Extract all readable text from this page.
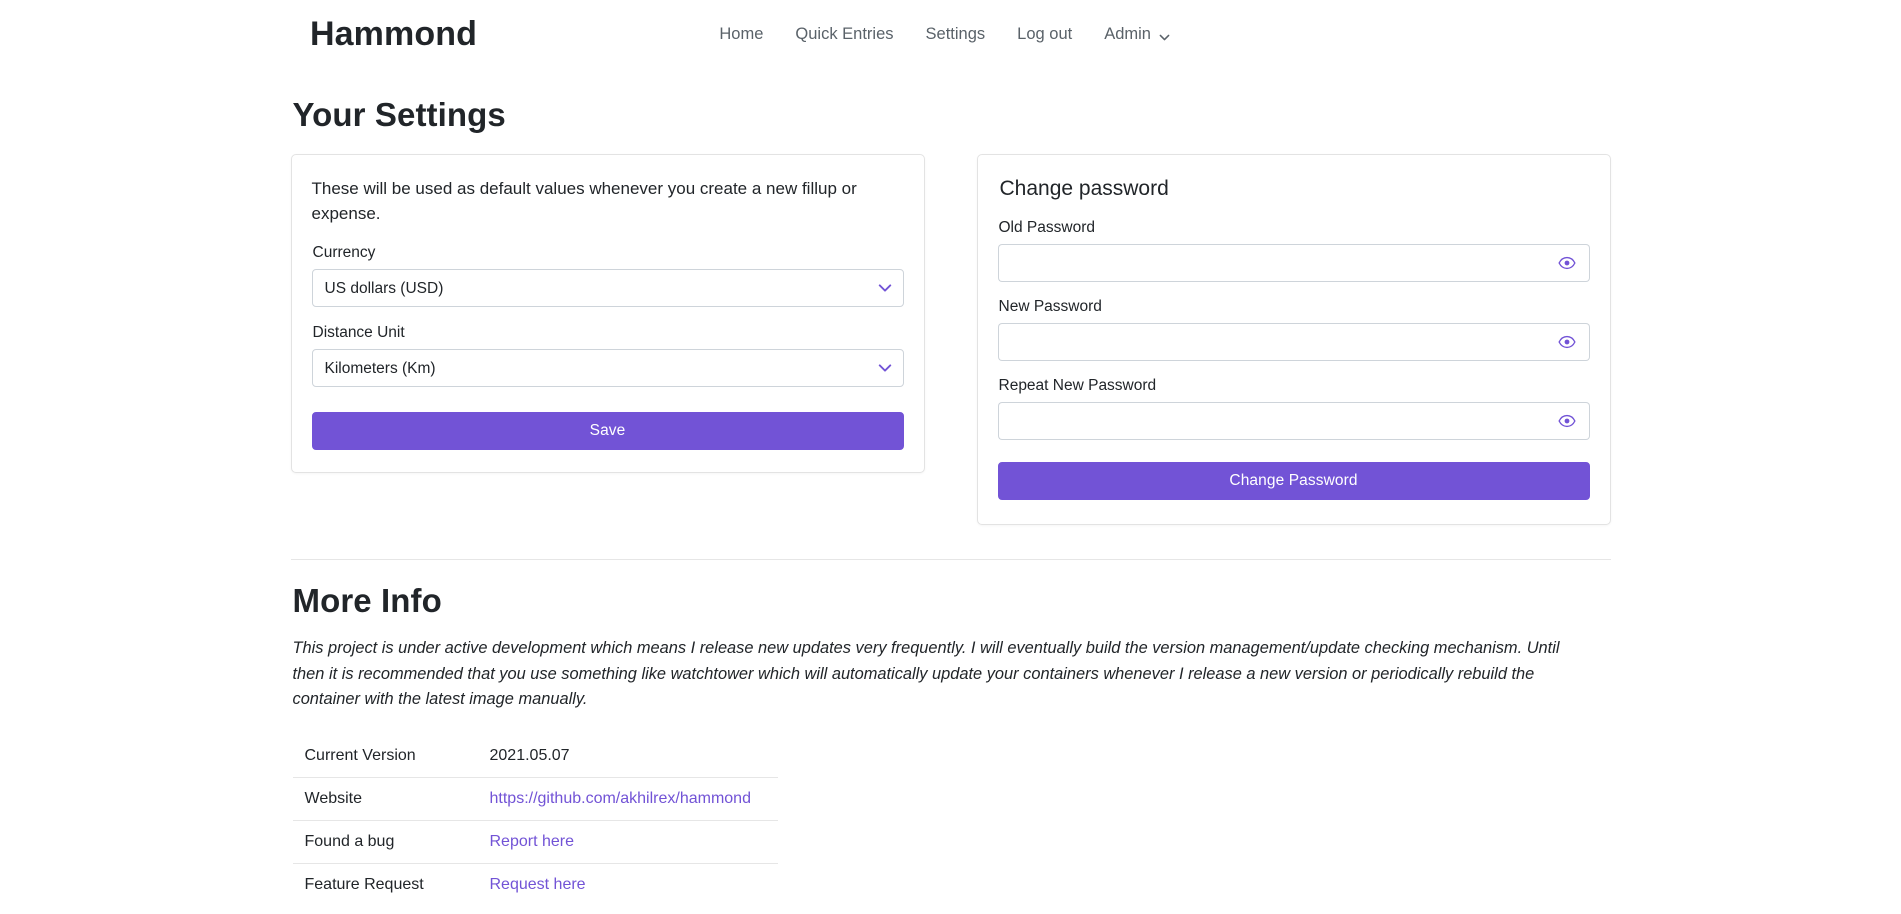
Hammond	Home	Quick Entries	Settings	Log out	Admin
Your Settings

These will be used as default values whenever you create a new fillup or expense.

Currency
US dollars (USD)
Distance Unit
Kilometers (Km)
Save
Change password
Old Password
New Password
Repeat New Password
Change Password
More Info

This project is under active development which means I release new updates very frequently. I will eventually build the version management/update checking mechanism. Until then it is recommended that you use something like watchtower which will automatically update your containers whenever I release a new version or periodically rebuild the container with the latest image manually.

Current Version	2021.05.07
Website	https://github.com/akhilrex/hammond
Found a bug	Report here
Feature Request	Request here
